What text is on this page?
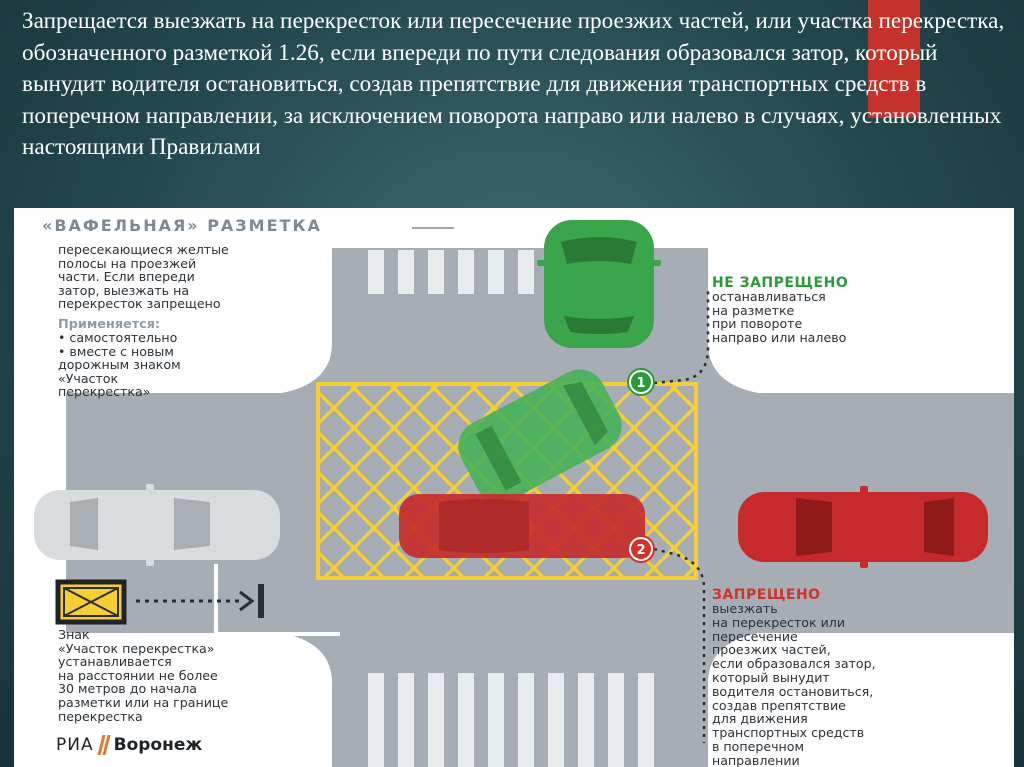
Запрещается выезжать на перекресток или пересечение проезжих частей, или участка перекрестка, обозначенного разметкой 1.26, если впереди по пути следования образовался затор, который вынудит водителя остановиться, создав препятствие для движения транспортных средств в поперечном направлении, за исключением поворота направо или налево в случаях, установленных настоящими Правилами
1
2
«ВАФЕЛЬНАЯ» РАЗМЕТКА
пересекающиеся желтые
полосы на проезжей
части. Если впереди
затор, выезжать на
перекресток запрещено
Применяется:
• самостоятельно
• вместе с новым
дорожным знаком
«Участок
перекрестка»
НЕ ЗАПРЕЩЕНО
останавливаться
на разметке
при повороте
направо или налево
ЗАПРЕЩЕНО
выезжать
на перекресток или
пересечение
проезжих частей,
если образовался затор,
который вынудит
водителя остановиться,
создав препятствие
для движения
транспортных средств
в поперечном
направлении
Знак
«Участок перекрестка»
устанавливается
на расстоянии не более
30 метров до начала
разметки или на границе
перекрестка
РИА Воронеж
